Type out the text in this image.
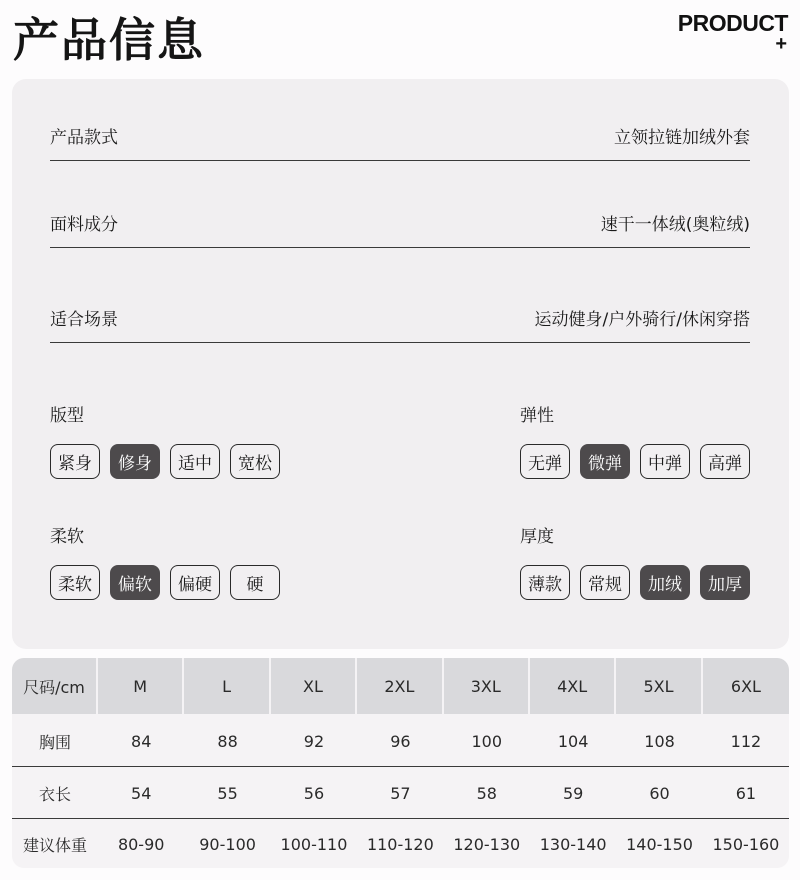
产品信息	PRODUCT
+
产品款式	立领拉链加绒外套
面料成分	速干一体绒(奥粒绒)
适合场景	运动健身/户外骑行/休闲穿搭
版型
紧身	修身	适中	宽松
弹性
无弹	微弹	中弹	高弹
柔软
柔软	偏软	偏硬	硬
厚度
薄款	常规	加绒	加厚
尺码/cm	M	L	XL	2XL	3XL	4XL	5XL	6XL
胸围	84	88	92	96	100	104	108	112
衣长	54	55	56	57	58	59	60	61
建议体重	80-90	90-100	100-110	110-120	120-130	130-140	140-150	150-160
